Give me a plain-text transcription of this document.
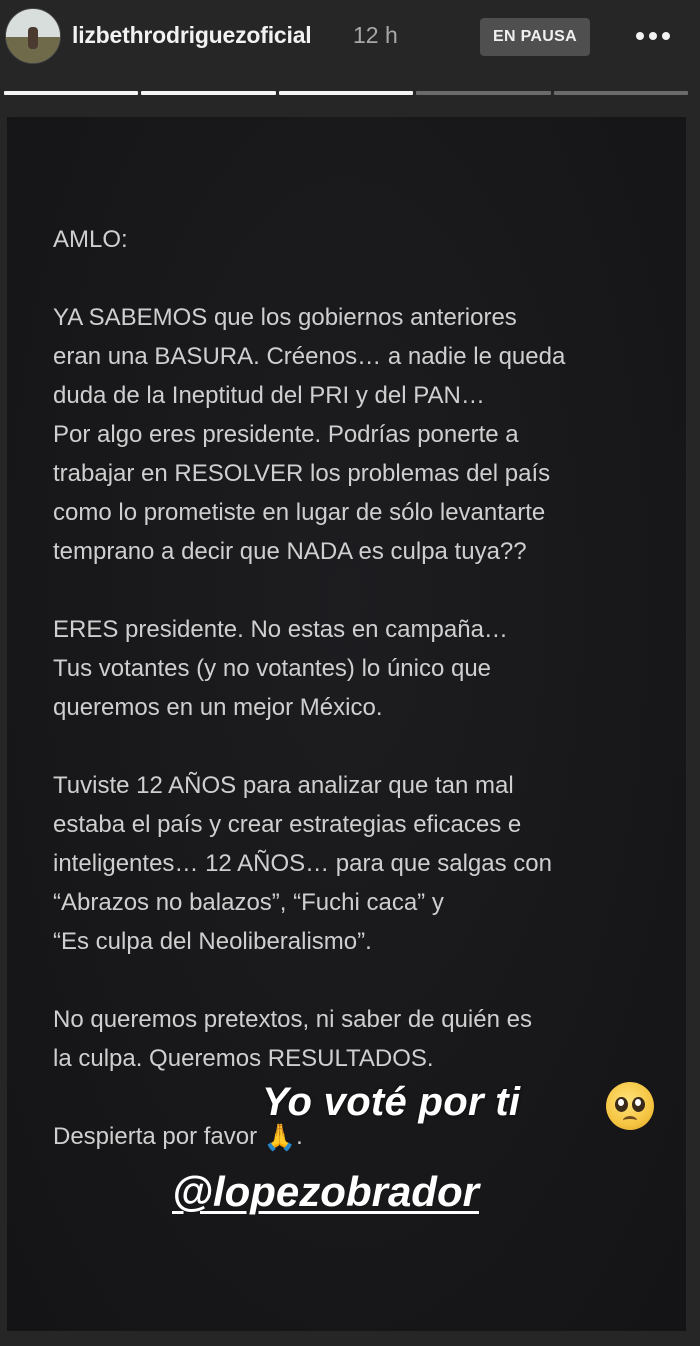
lizbethrodriguezoficial 12 h	EN PAUSA

AMLO:

YA SABEMOS que los gobiernos anteriores

eran una BASURA. Créenos… a nadie le queda

duda de la Ineptitud del PRI y del PAN…

Por algo eres presidente. Podrías ponerte a

trabajar en RESOLVER los problemas del país

como lo prometiste en lugar de sólo levantarte

temprano a decir que NADA es culpa tuya??

ERES presidente. No estas en campaña…

Tus votantes (y no votantes) lo único que

queremos en un mejor México.

Tuviste 12 AÑOS para analizar que tan mal

estaba el país y crear estrategias eficaces e

inteligentes… 12 AÑOS… para que salgas con

“Abrazos no balazos”, “Fuchi caca” y

“Es culpa del Neoliberalismo”.

No queremos pretextos, ni saber de quién es

la culpa. Queremos RESULTADOS.

Despierta por favor 🙏.

Yo voté por ti
@lopezobrador
